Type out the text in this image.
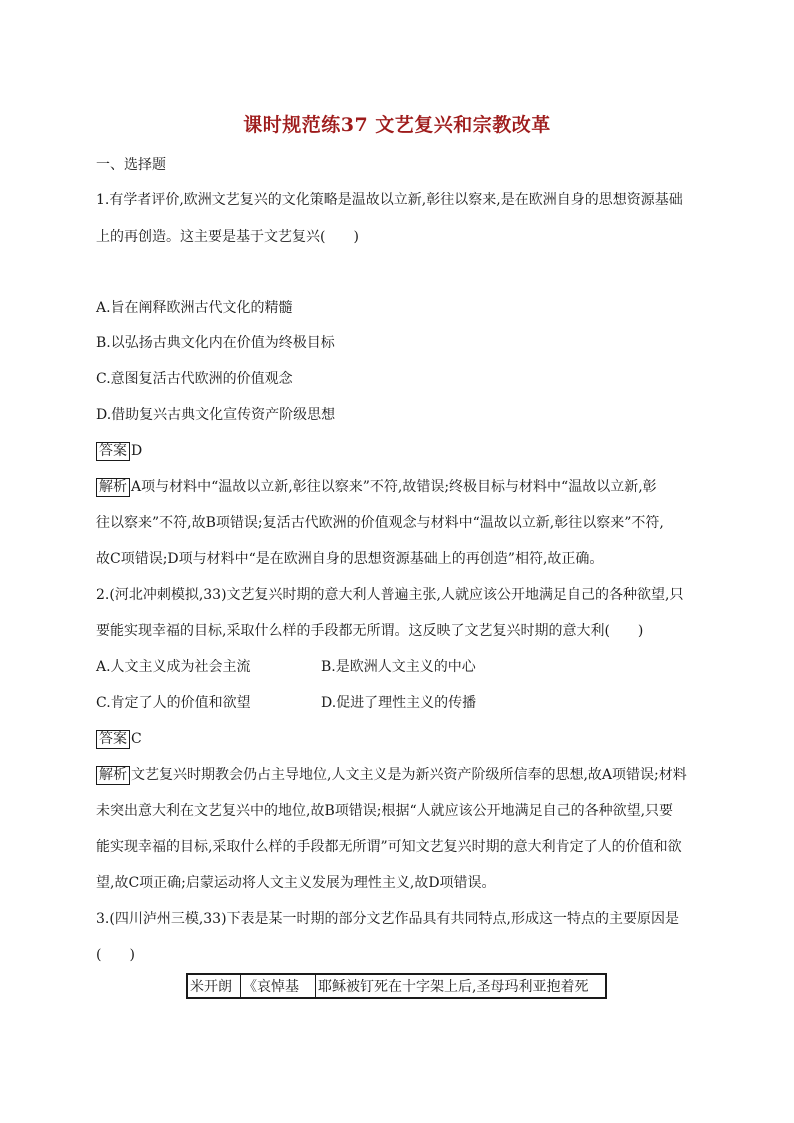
课时规范练37 文艺复兴和宗教改革
一、选择题
1.有学者评价,欧洲文艺复兴的文化策略是温故以立新,彰往以察来,是在欧洲自身的思想资源基础
上的再创造。这主要是基于文艺复兴(　　)
A.旨在阐释欧洲古代文化的精髓
B.以弘扬古典文化内在价值为终极目标
C.意图复活古代欧洲的价值观念
D.借助复兴古典文化宣传资产阶级思想
答案 D
解析 A项与材料中“温故以立新,彰往以察来”不符,故错误;终极目标与材料中“温故以立新,彰
往以察来”不符,故B项错误;复活古代欧洲的价值观念与材料中“温故以立新,彰往以察来”不符,
故C项错误;D项与材料中“是在欧洲自身的思想资源基础上的再创造”相符,故正确。
2.(河北冲刺模拟,33)文艺复兴时期的意大利人普遍主张,人就应该公开地满足自己的各种欲望,只
要能实现幸福的目标,采取什么样的手段都无所谓。这反映了文艺复兴时期的意大利(　　)
A.人文主义成为社会主流	B.是欧洲人文主义的中心
C.肯定了人的价值和欲望	D.促进了理性主义的传播
答案 C
解析 文艺复兴时期教会仍占主导地位,人文主义是为新兴资产阶级所信奉的思想,故A项错误;材料
未突出意大利在文艺复兴中的地位,故B项错误;根据“人就应该公开地满足自己的各种欲望,只要
能实现幸福的目标,采取什么样的手段都无所谓”可知文艺复兴时期的意大利肯定了人的价值和欲
望,故C项正确;启蒙运动将人文主义发展为理性主义,故D项错误。
3.(四川泸州三模,33)下表是某一时期的部分文艺作品具有共同特点,形成这一特点的主要原因是
(　　)
米开朗	《哀悼基	耶稣被钉死在十字架上后,圣母玛利亚抱着死
